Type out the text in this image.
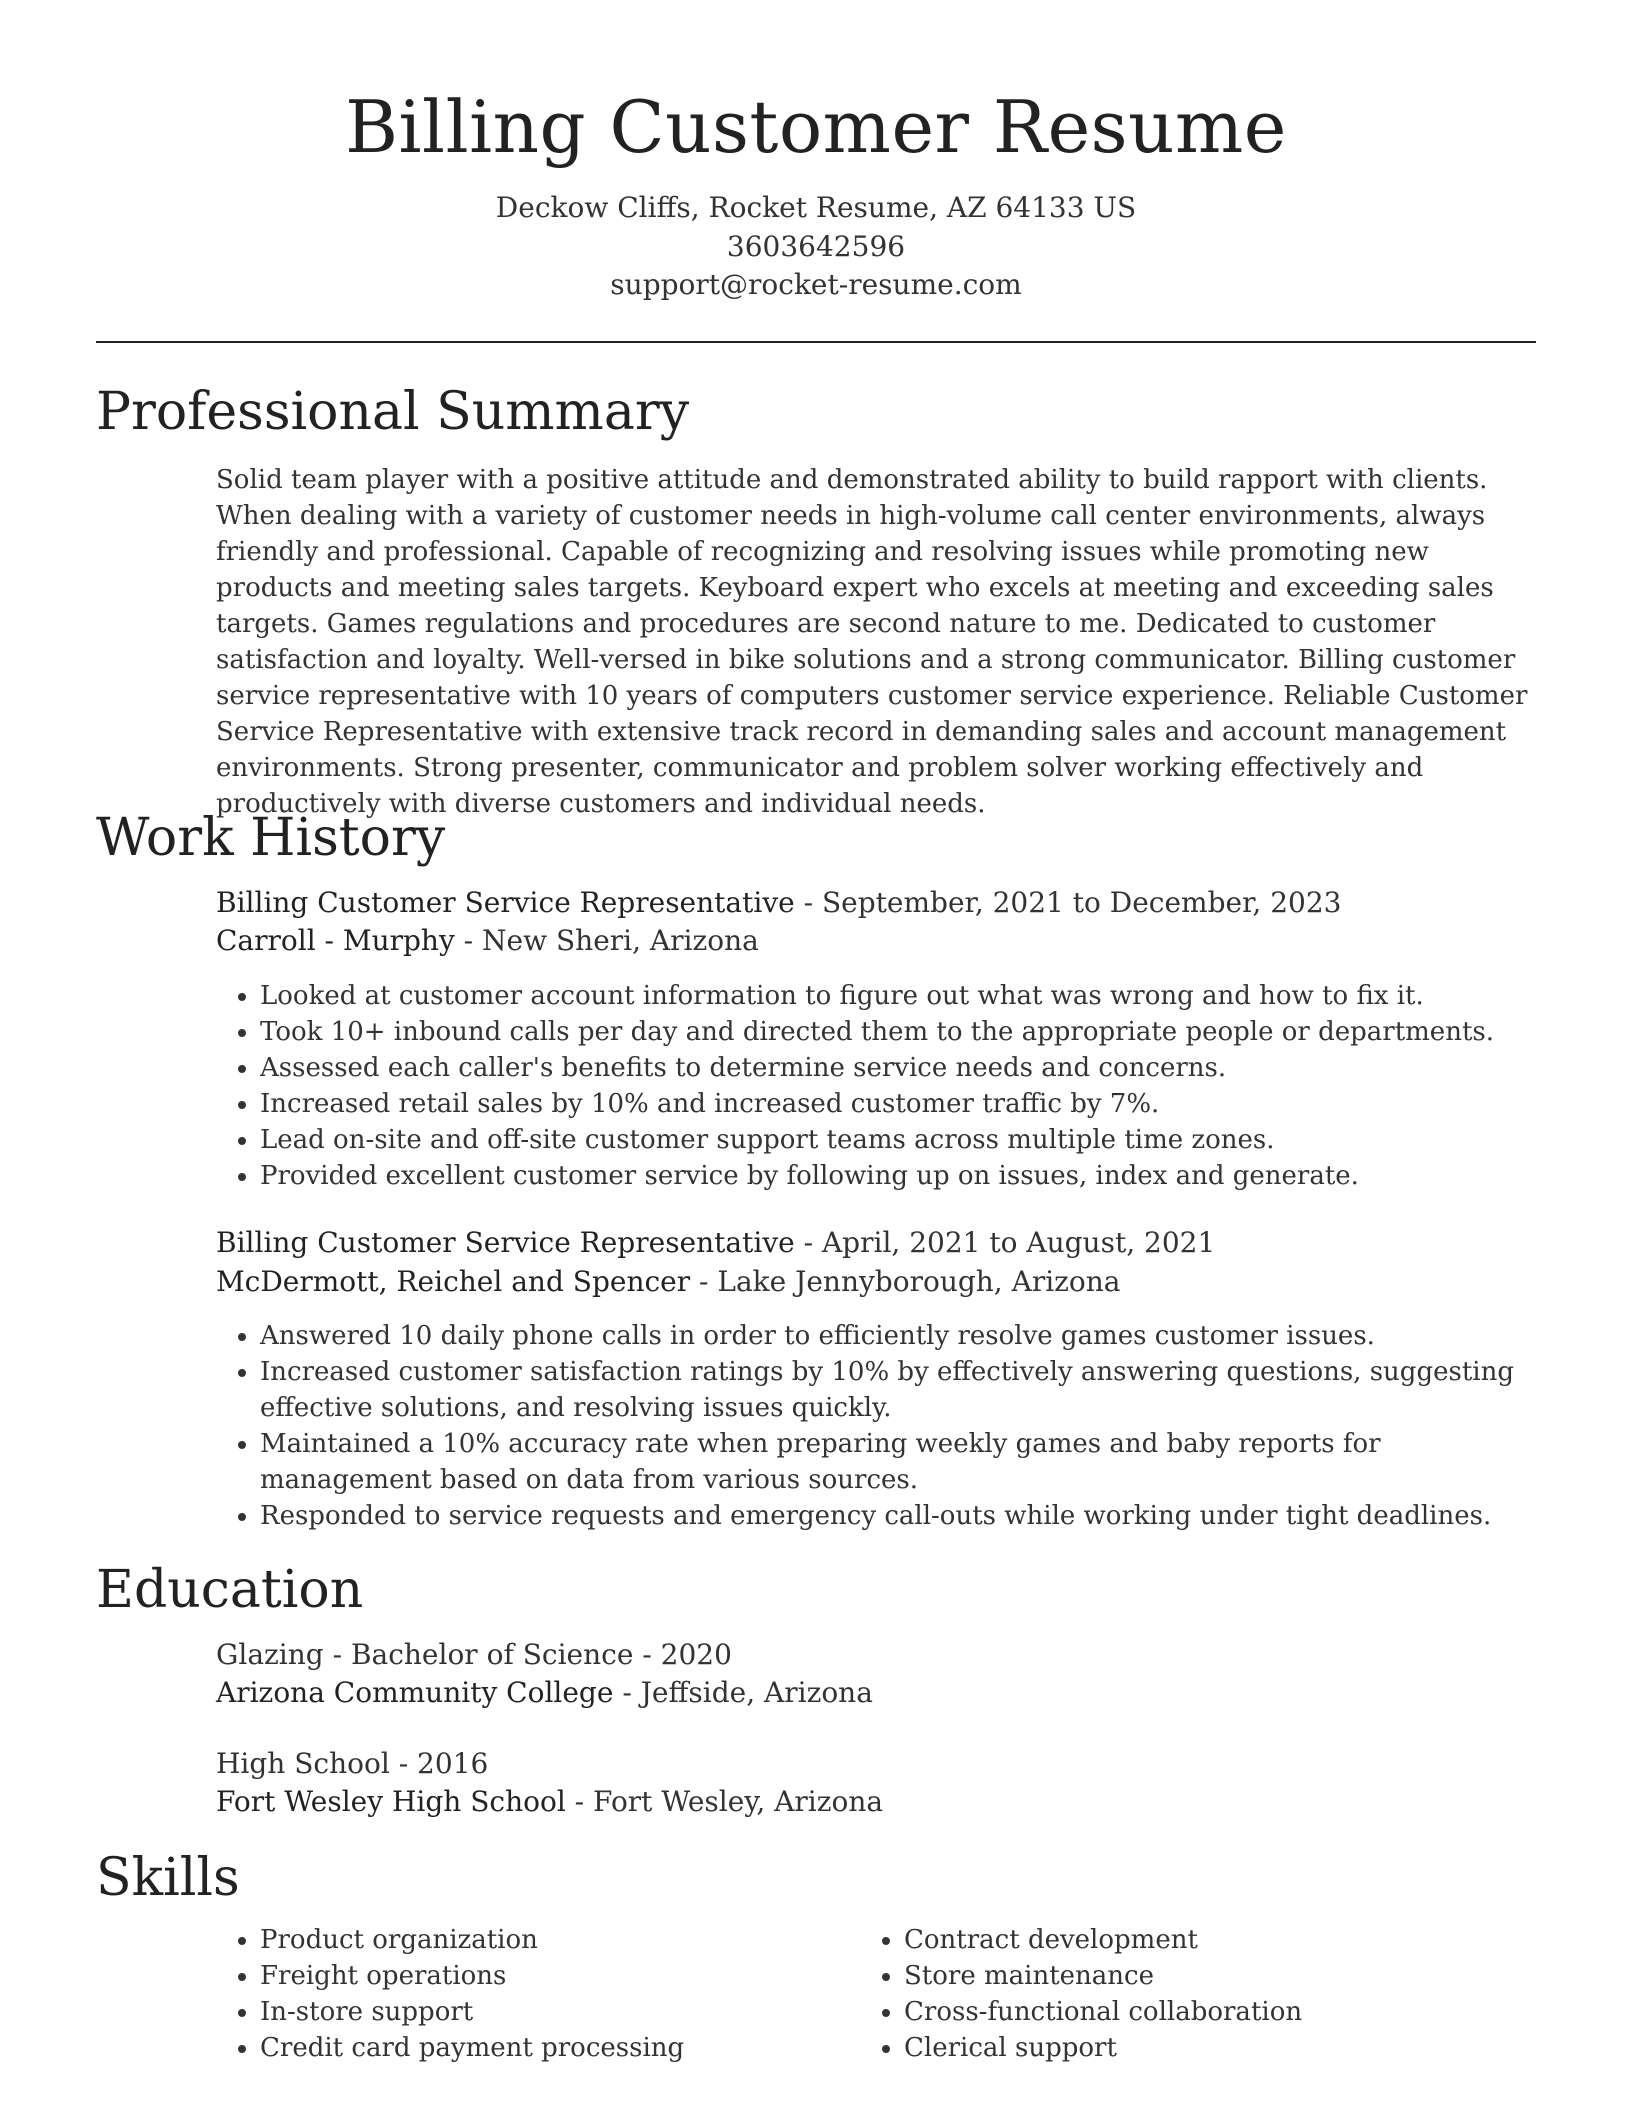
Billing Customer Resume
Deckow Cliffs, Rocket Resume, AZ 64133 US
3603642596
support@rocket-resume.com
Professional Summary
Solid team player with a positive attitude and demonstrated ability to build rapport with clients. When dealing with a variety of customer needs in high-volume call center environments, always friendly and professional. Capable of recognizing and resolving issues while promoting new products and meeting sales targets. Keyboard expert who excels at meeting and exceeding sales targets. Games regulations and procedures are second nature to me. Dedicated to customer satisfaction and loyalty. Well-versed in bike solutions and a strong communicator. Billing customer service representative with 10 years of computers customer service experience. Reliable Customer Service Representative with extensive track record in demanding sales and account management environments. Strong presenter, communicator and problem solver working effectively and productively with diverse customers and individual needs.
Work History
Billing Customer Service Representative - September, 2021 to December, 2023
Carroll - Murphy - New Sheri, Arizona
• Looked at customer account information to figure out what was wrong and how to fix it.
• Took 10+ inbound calls per day and directed them to the appropriate people or departments.
• Assessed each caller's benefits to determine service needs and concerns.
• Increased retail sales by 10% and increased customer traffic by 7%.
• Lead on-site and off-site customer support teams across multiple time zones.
• Provided excellent customer service by following up on issues, index and generate.
Billing Customer Service Representative - April, 2021 to August, 2021
McDermott, Reichel and Spencer - Lake Jennyborough, Arizona
• Answered 10 daily phone calls in order to efficiently resolve games customer issues.
• Increased customer satisfaction ratings by 10% by effectively answering questions, suggesting effective solutions, and resolving issues quickly.
• Maintained a 10% accuracy rate when preparing weekly games and baby reports for management based on data from various sources.
• Responded to service requests and emergency call-outs while working under tight deadlines.
Education
Glazing - Bachelor of Science - 2020
Arizona Community College - Jeffside, Arizona
High School - 2016
Fort Wesley High School - Fort Wesley, Arizona
Skills
• Product organization
• Freight operations
• In-store support
• Credit card payment processing
• Contract development
• Store maintenance
• Cross-functional collaboration
• Clerical support
